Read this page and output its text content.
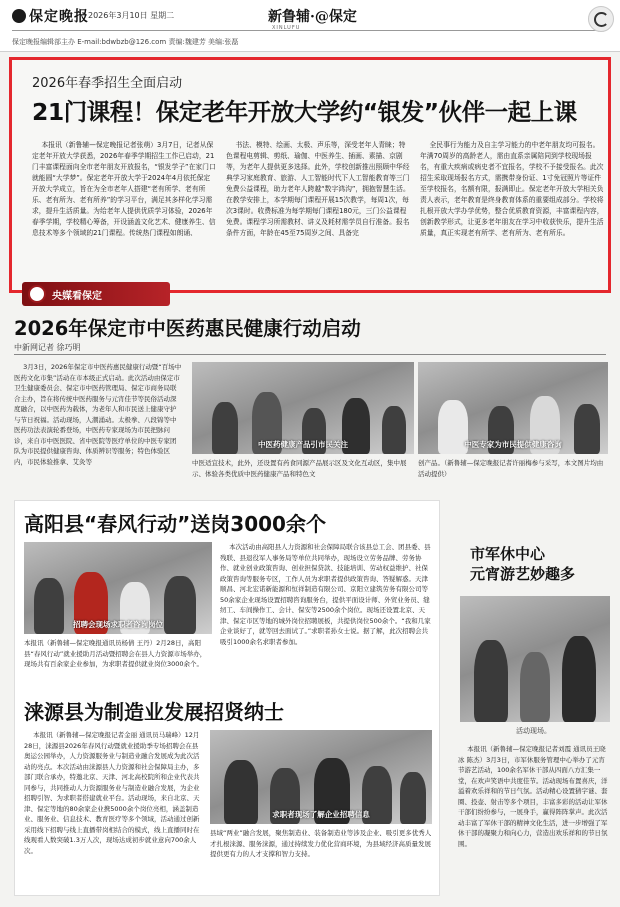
保定晚报 2026年3月10日 星期二	新鲁辅·@保定
XINLUFU
保定晚报编辑部主办 E-mail:bdwbzb@126.com 责编:魏建芳 美编:张磊
2026年春季招生全面启动
21门课程！保定老年开放大学约“银发”伙伴一起上课
本报讯（新鲁辅—保定晚报记者张萌）3月7日，记者从保定老年开放大学获悉，2026年春季学期招生工作已启动，21门丰富课程面向全市老年朋友开放报名，“银发学子”在家门口就能圆“大学梦”。保定老年开放大学于2024年4月依托保定开放大学成立，旨在为全市老年人搭建“老有所学、老有所乐、老有所为、老有所养”的学习平台，满足其多样化学习需求，提升生活质量。为给老年人提供优质学习体验，2026年春季学期，学校精心筹备，开设涵盖文化艺术、健康养生、信息技术等多个领域的21门课程。传统热门课程如朗诵、
书法、模特、绘画、太极、声乐等，深受老年人青睐；特色课程电剪辑、剪纸、瑜伽、中医养生、插画、素描、京剧等，为老年人提供更多选择。此外，学校创新推出照顾中华经典学习家庭教育、旅游、人工智能时代下人工智能教育等三门免费公益课程，助力老年人跨越“数字鸿沟”，拥抱智慧生活。在教学安排上，本学期每门课程开展15次教学，每周1次，每次3课时。收费标准为每学期每门课程180元，三门公益课程免费。课程学习所需教材、讲义及耗材需学员自行准备。报名条件方面，年龄在45至75周岁之间、具备完
全民事行为能力及自主学习能力的中老年朋友均可报名。年满70周岁的高龄老人，需由直系亲属陪同到学校现场报名，有重大疾病或病史者不宜报名，学校不予接受报名。此次招生采取现场报名方式，需携带身份证、1寸免冠照片等证件至学校报名，名额有限，报满即止。保定老年开放大学相关负责人表示，老年教育是终身教育体系的重要组成部分。学校将扎根开放大学办学优势，整合优质教育资源，丰富课程内容，创新教学形式，让更多老年朋友在学习中收获快乐，提升生活质量，真正实现老有所学、老有所为、老有所乐。
央媒看保定
2026年保定市中医药惠民健康行动启动
中新网记者 徐巧明
3月3日，2026年保定市中医药惠民健康行动暨“百场中医药文化市集”活动在市本级正式启动。此次活动由保定市卫生健康委员会、保定市中医药管理局、保定市商务局联合主办，旨在将传统中医药服务与元宵佳节等民俗活动深度融合，以中医药为载体，为老年人和市民送上健康守护与节日祝福。活动现场，人潮涌动。太极拳、八段锦等中医药功法表演轮番登场，中医药专家现场为市民把脉问诊，来自市中医医院、省中医院等医疗单位的中医专家团队为市民提供健康咨询、体质辨识等服务；特色体验区内，市民体验推拿、艾灸等
中医药健康产品引市民关注	中医专家为市民提供健康咨询
中医适宜技术，此外，还设置有药食同源产品展示区及文化互动区，集中展示、体验各类优质中医药健康产品和特色文
创产品。（新鲁辅—保定晚报记者许丽梅参与采写，本文图片均由活动提供）
高阳县“春风行动”送岗3000余个
招聘会现场求职者咨询岗位
本报讯（新鲁辅—保定晚报通讯员杨倩 王丹）2月28日，高阳县“春风行动”就业援助月活动暨招聘会在县人力资源市场举办，现场共有百余家企业参加，为求职者提供就业岗位3000余个。
本次活动由高阳县人力资源和社会保障局联合该县总工会、团县委、县残联、县退役军人事务局等单位共同举办，现场设立劳务品牌、劳务协作、就业创业政策咨询、创业担保贷款、技能培训、劳动权益维护、社保政策咨询等服务专区，工作人员为求职者提供政策咨询、答疑解惑。天津顺昌、河北宏诺新能源和恒祥制造有限公司、京阳立建筑劳务有限公司等50余家企业现场设置招聘咨询服务台，提供平面设计师、外贸业务员、缝纫工、车间操作工、会计、保安等2500余个岗位。现场还设置北京、天津、保定市区等地的城外岗位招聘展板，共提供岗位500余个。“我和几家企业谈好了，就等回去面试了。”求职者孙女士说。据了解，此次招聘会共吸引1000余名求职者参加。
涞源县为制造业发展招贤纳士
本报讯（新鲁辅—保定晚报记者金丽 通讯员马瑞峰）12月28日，涞源县2026年春风行动暨就业援助季专场招聘会在县奥运公园举办，人力资源服务业与制造业融合发展成为此次活动的亮点。本次活动由涞源县人力资源和社会保障局主办，多部门联合承办，特邀北京、天津、河北高校院所和企业代表共同参与，共同推动人力资源服务业与制造业融合发展，为企业招聘引智、为求职者搭建就业平台。活动现场，来自北京、天津、保定等地的80余家企业携5000余个岗位亮相，涵盖制造业、服务业、信息技术、教育医疗等多个领域，活动通过创新采用线下招聘与线上直播带岗相结合的模式，线上直播同时在线观看人数突破1.3万人次，现场达成初步就业意向700余人次。
求职者现场了解企业招聘信息
县域“两业”融合发展，聚焦制造业、装备制造业等涉及企业、吸引更多优秀人才扎根涞源、服务涞源，通过持续发力优化营商环境，为县域经济高质量发展提供更有力的人才支撑和智力支持。
市军休中心
元宵游艺妙趣多
活动现场。
本报讯（新鲁辅—保定晚报记者刘霞 通讯员王晓冰 陈杰）3月3日，市军休服务管理中心举办了元宵节游艺活动，100余名军休干部从四面八方汇集一堂，在欢声笑语中共度佳节。活动现场布置喜庆，洋溢着欢乐祥和的节日气氛。活动精心设置猜字谜、套圈、投壶、射击等多个项目，丰富多彩的活动让军休干部们纷纷参与，一展身手，赢得阵阵掌声。此次活动丰富了军休干部的精神文化生活，进一步增强了军休干部的凝聚力和向心力，营造出欢乐祥和的节日氛围。
